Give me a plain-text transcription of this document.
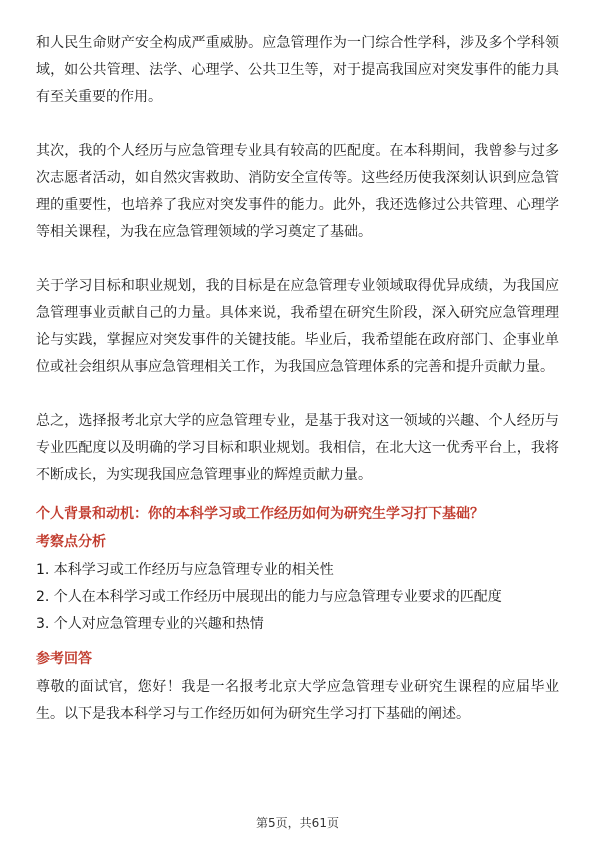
和人民生命财产安全构成严重威胁。应急管理作为一门综合性学科，涉及多个学科领域，如公共管理、法学、心理学、公共卫生等，对于提高我国应对突发事件的能力具有至关重要的作用。

其次，我的个人经历与应急管理专业具有较高的匹配度。在本科期间，我曾参与过多次志愿者活动，如自然灾害救助、消防安全宣传等。这些经历使我深刻认识到应急管理的重要性，也培养了我应对突发事件的能力。此外，我还选修过公共管理、心理学等相关课程，为我在应急管理领域的学习奠定了基础。

关于学习目标和职业规划，我的目标是在应急管理专业领域取得优异成绩，为我国应急管理事业贡献自己的力量。具体来说，我希望在研究生阶段，深入研究应急管理理论与实践，掌握应对突发事件的关键技能。毕业后，我希望能在政府部门、企事业单位或社会组织从事应急管理相关工作，为我国应急管理体系的完善和提升贡献力量。

总之，选择报考北京大学的应急管理专业，是基于我对这一领域的兴趣、个人经历与专业匹配度以及明确的学习目标和职业规划。我相信，在北大这一优秀平台上，我将不断成长，为实现我国应急管理事业的辉煌贡献力量。

个人背景和动机：你的本科学习或工作经历如何为研究生学习打下基础？
考察点分析
1. 本科学习或工作经历与应急管理专业的相关性
2. 个人在本科学习或工作经历中展现出的能力与应急管理专业要求的匹配度
3. 个人对应急管理专业的兴趣和热情
参考回答

尊敬的面试官，您好！我是一名报考北京大学应急管理专业研究生课程的应届毕业生。以下是我本科学习与工作经历如何为研究生学习打下基础的阐述。

第5页，共61页
